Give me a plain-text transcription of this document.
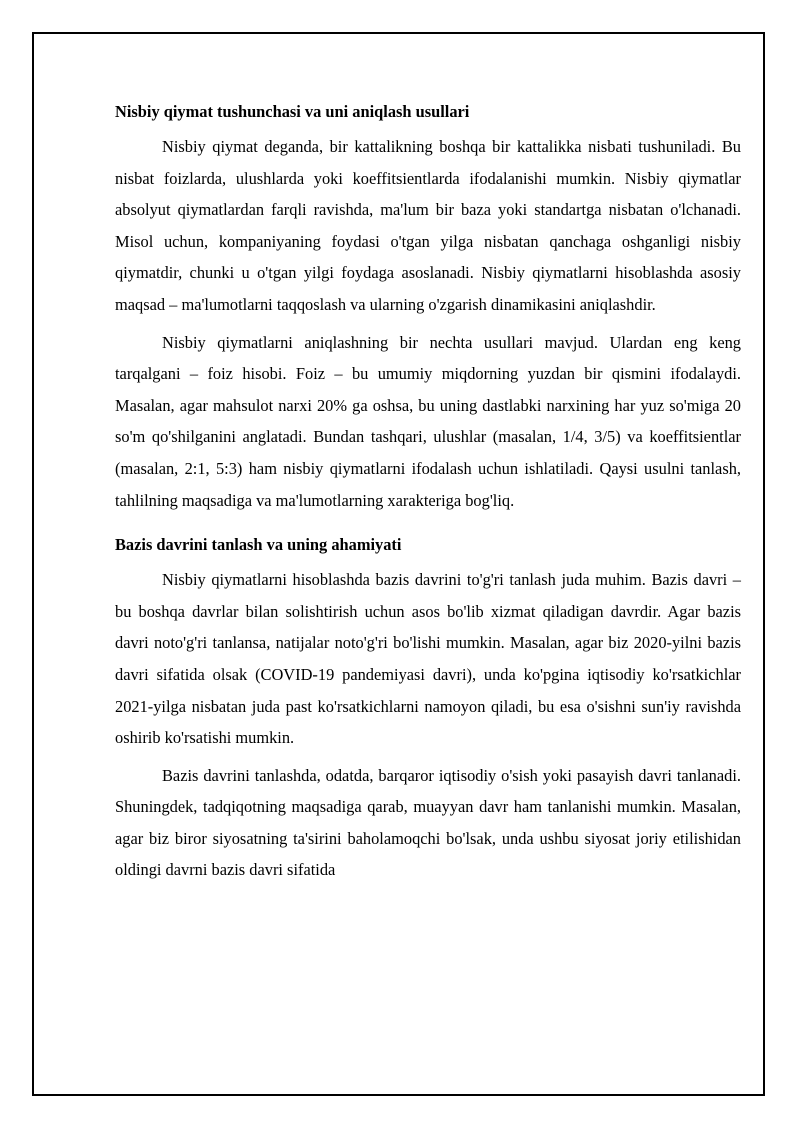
Nisbiy qiymat tushunchasi va uni aniqlash usullari

Nisbiy qiymat deganda, bir kattalikning boshqa bir kattalikka nisbati tushuniladi. Bu nisbat foizlarda, ulushlarda yoki koeffitsientlarda ifodalanishi mumkin. Nisbiy qiymatlar absolyut qiymatlardan farqli ravishda, ma'lum bir baza yoki standartga nisbatan o'lchanadi. Misol uchun, kompaniyaning foydasi o'tgan yilga nisbatan qanchaga oshganligi nisbiy qiymatdir, chunki u o'tgan yilgi foydaga asoslanadi. Nisbiy qiymatlarni hisoblashda asosiy maqsad – ma'lumotlarni taqqoslash va ularning o'zgarish dinamikasini aniqlashdir.

Nisbiy qiymatlarni aniqlashning bir nechta usullari mavjud. Ulardan eng keng tarqalgani – foiz hisobi. Foiz – bu umumiy miqdorning yuzdan bir qismini ifodalaydi. Masalan, agar mahsulot narxi 20% ga oshsa, bu uning dastlabki narxining har yuz so'miga 20 so'm qo'shilganini anglatadi. Bundan tashqari, ulushlar (masalan, 1/4, 3/5) va koeffitsientlar (masalan, 2:1, 5:3) ham nisbiy qiymatlarni ifodalash uchun ishlatiladi. Qaysi usulni tanlash, tahlilning maqsadiga va ma'lumotlarning xarakteriga bog'liq.

Bazis davrini tanlash va uning ahamiyati

Nisbiy qiymatlarni hisoblashda bazis davrini to'g'ri tanlash juda muhim. Bazis davri – bu boshqa davrlar bilan solishtirish uchun asos bo'lib xizmat qiladigan davrdir. Agar bazis davri noto'g'ri tanlansa, natijalar noto'g'ri bo'lishi mumkin. Masalan, agar biz 2020-yilni bazis davri sifatida olsak (COVID-19 pandemiyasi davri), unda ko'pgina iqtisodiy ko'rsatkichlar 2021-yilga nisbatan juda past ko'rsatkichlarni namoyon qiladi, bu esa o'sishni sun'iy ravishda oshirib ko'rsatishi mumkin.

Bazis davrini tanlashda, odatda, barqaror iqtisodiy o'sish yoki pasayish davri tanlanadi. Shuningdek, tadqiqotning maqsadiga qarab, muayyan davr ham tanlanishi mumkin. Masalan, agar biz biror siyosatning ta'sirini baholamoqchi bo'lsak, unda ushbu siyosat joriy etilishidan oldingi davrni bazis davri sifatida
